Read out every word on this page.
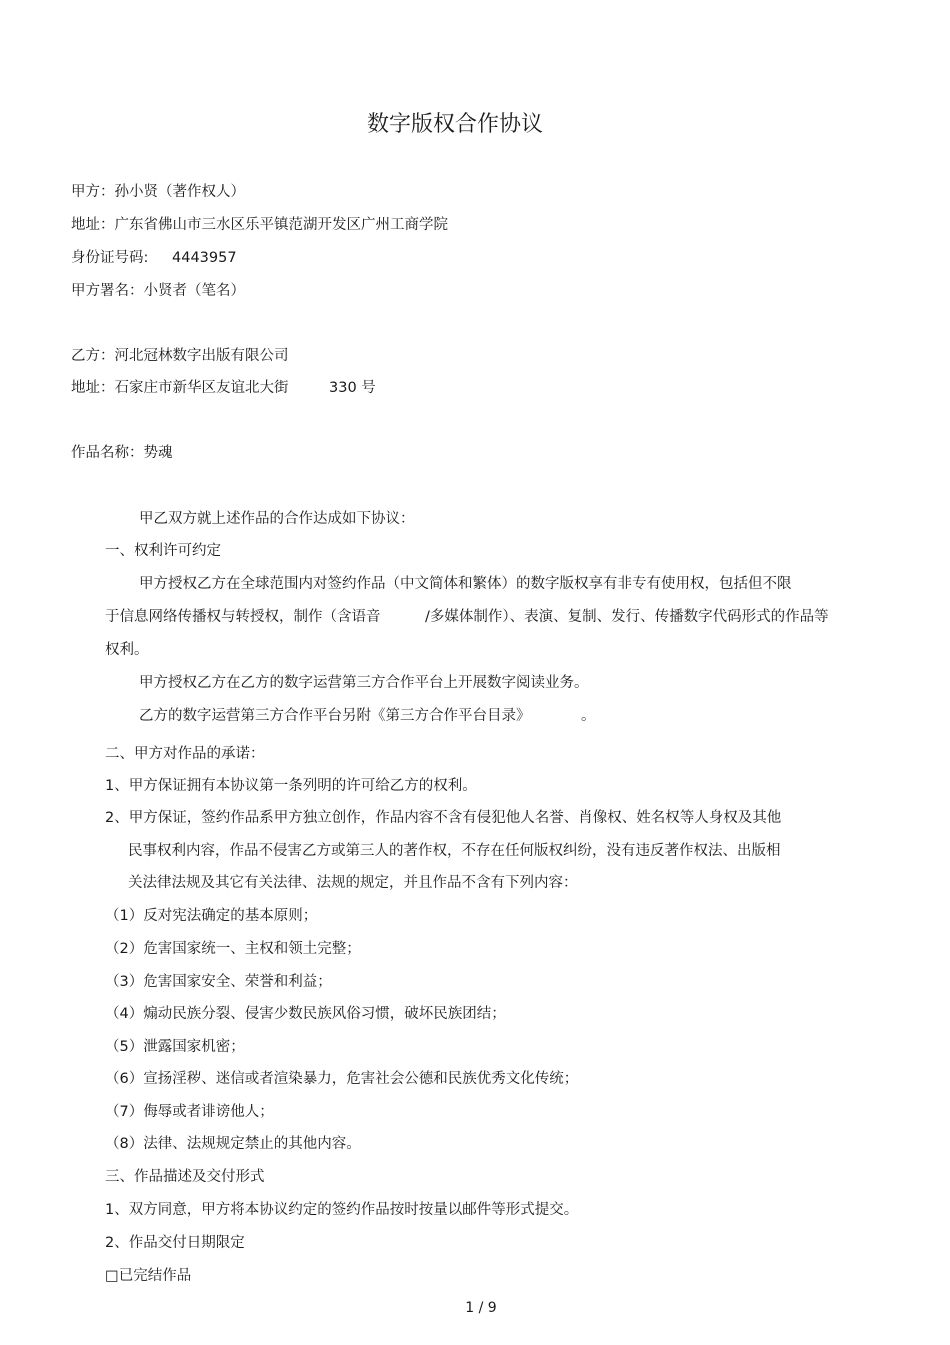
数字版权合作协议
甲方：孙小贤（著作权人）
地址：广东省佛山市三水区乐平镇范湖开发区广州工商学院
身份证号码: 4443957
甲方署名：小贤者（笔名）
乙方：河北冠林数字出版有限公司
地址：石家庄市新华区友谊北大街	330 号
作品名称：势魂
甲乙双方就上述作品的合作达成如下协议：
一、权利许可约定
甲方授权乙方在全球范围内对签约作品（中文简体和繁体）的数字版权享有非专有使用权，包括但不限
于信息网络传播权与转授权，制作（含语音	/多媒体制作）、表演、复制、发行、传播数字代码形式的作品等
权利。
甲方授权乙方在乙方的数字运营第三方合作平台上开展数字阅读业务。
乙方的数字运营第三方合作平台另附《第三方合作平台目录》	。
二、甲方对作品的承诺：
1、甲方保证拥有本协议第一条列明的许可给乙方的权利。
2、甲方保证，签约作品系甲方独立创作，作品内容不含有侵犯他人名誉、肖像权、姓名权等人身权及其他
民事权利内容，作品不侵害乙方或第三人的著作权，不存在任何版权纠纷，没有违反著作权法、出版相
关法律法规及其它有关法律、法规的规定，并且作品不含有下列内容：
（1）反对宪法确定的基本原则；
（2）危害国家统一、主权和领土完整；
（3）危害国家安全、荣誉和利益；
（4）煽动民族分裂、侵害少数民族风俗习惯，破坏民族团结；
（5）泄露国家机密；
（6）宣扬淫秽、迷信或者渲染暴力，危害社会公德和民族优秀文化传统；
（7）侮辱或者诽谤他人；
（8）法律、法规规定禁止的其他内容。
三、作品描述及交付形式
1、双方同意，甲方将本协议约定的签约作品按时按量以邮件等形式提交。
2、作品交付日期限定
□已完结作品
1 / 9
